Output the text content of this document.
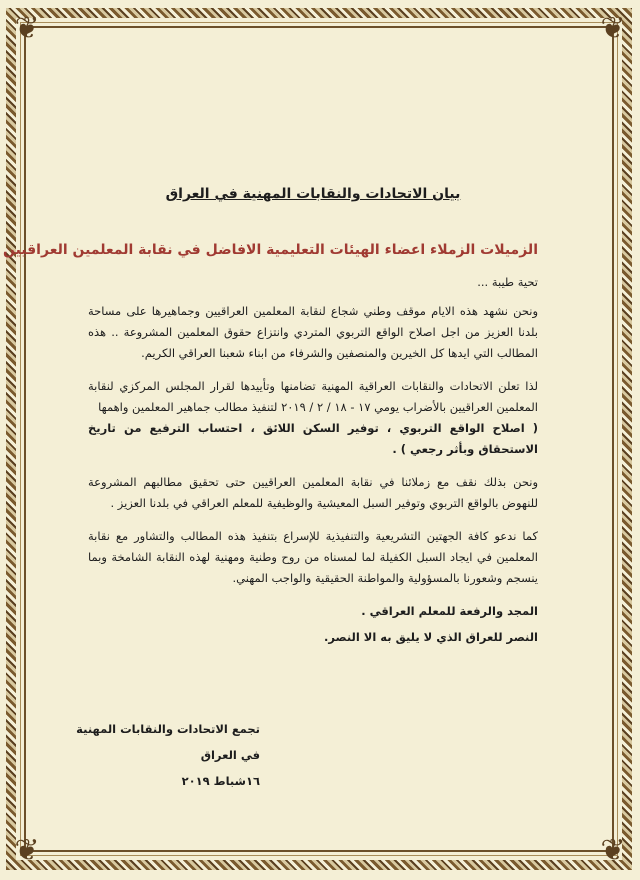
❦	❦
❦	❦
بيان الاتحادات والنقابات المهنية في العراق
الزميلات الزملاء اعضاء الهيئات التعليمية الافاضل في نقابة المعلمين العراقيين

تحية طيبة ...

ونحن نشهد هذه الايام موقف وطني شجاع لنقابة المعلمين العراقيين وجماهيرها على مساحة بلدنا العزيز من اجل اصلاح الواقع التربوي المتردي وانتزاع حقوق المعلمين المشروعة .. هذه المطالب التي ايدها كل الخيرين والمنصفين والشرفاء من ابناء شعبنا العراقي الكريم.

لذا تعلن الاتحادات والنقابات العراقية المهنية تضامنها وتأييدها لقرار المجلس المركزي لنقابة المعلمين العراقيين بالأضراب يومي ١٧ - ١٨ / ٢ / ٢٠١٩ لتنفيذ مطالب جماهير المعلمين واهمها
( اصلاح الواقع التربوي ، توفير السكن اللائق ، احتساب الترفيع من تاريخ الاستحقاق وبأثر رجعي ) .

ونحن بذلك نقف مع زملائنا في نقابة المعلمين العراقيين حتى تحقيق مطالبهم المشروعة للنهوض بالواقع التربوي وتوفير السبل المعيشية والوظيفية للمعلم العراقي في بلدنا العزيز .

كما ندعو كافة الجهتين التشريعية والتنفيذية للإسراع بتنفيذ هذه المطالب والتشاور مع نقابة المعلمين في ايجاد السبل الكفيلة لما لمسناه من روح وطنية ومهنية لهذه النقابة الشامخة وبما ينسجم وشعورنا بالمسؤولية والمواطنة الحقيقية والواجب المهني.

المجد والرفعة للمعلم العراقي .
النصر للعراق الذي لا يليق به الا النصر.
تجمع الاتحادات والنقابات المهنية
في العراق
١٦شباط ٢٠١٩
